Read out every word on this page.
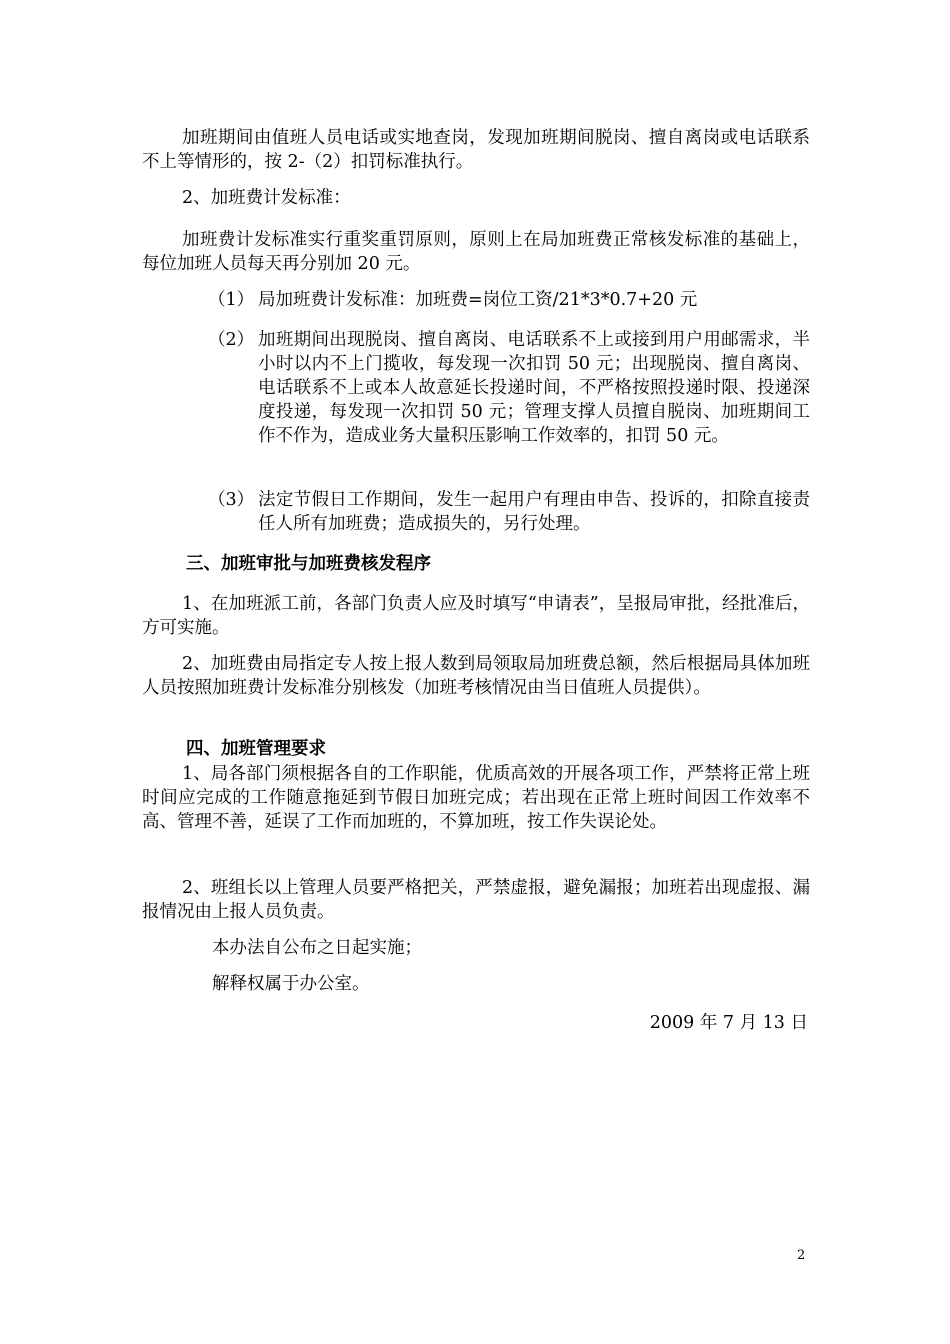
加班期间由值班人员电话或实地查岗，发现加班期间脱岗、擅自离岗或电话联系不上等情形的，按 2-（2）扣罚标准执行。

2、加班费计发标准：

加班费计发标准实行重奖重罚原则，原则上在局加班费正常核发标准的基础上，每位加班人员每天再分别加 20 元。

（1） 局加班费计发标准：加班费=岗位工资/21*3*0.7+20 元
（2） 加班期间出现脱岗、擅自离岗、电话联系不上或接到用户用邮需求，半小时以内不上门揽收，每发现一次扣罚 50 元；出现脱岗、擅自离岗、电话联系不上或本人故意延长投递时间，不严格按照投递时限、投递深度投递，每发现一次扣罚 50 元；管理支撑人员擅自脱岗、加班期间工作不作为，造成业务大量积压影响工作效率的，扣罚 50 元。
（3） 法定节假日工作期间，发生一起用户有理由申告、投诉的，扣除直接责任人所有加班费；造成损失的，另行处理。
三、加班审批与加班费核发程序

1、在加班派工前，各部门负责人应及时填写“申请表”，呈报局审批，经批准后，方可实施。

2、加班费由局指定专人按上报人数到局领取局加班费总额，然后根据局具体加班人员按照加班费计发标准分别核发（加班考核情况由当日值班人员提供）。

四、加班管理要求

1、局各部门须根据各自的工作职能，优质高效的开展各项工作，严禁将正常上班时间应完成的工作随意拖延到节假日加班完成；若出现在正常上班时间因工作效率不高、管理不善，延误了工作而加班的，不算加班，按工作失误论处。

2、班组长以上管理人员要严格把关，严禁虚报，避免漏报；加班若出现虚报、漏报情况由上报人员负责。

本办法自公布之日起实施；

解释权属于办公室。

2009 年 7 月 13 日
2
